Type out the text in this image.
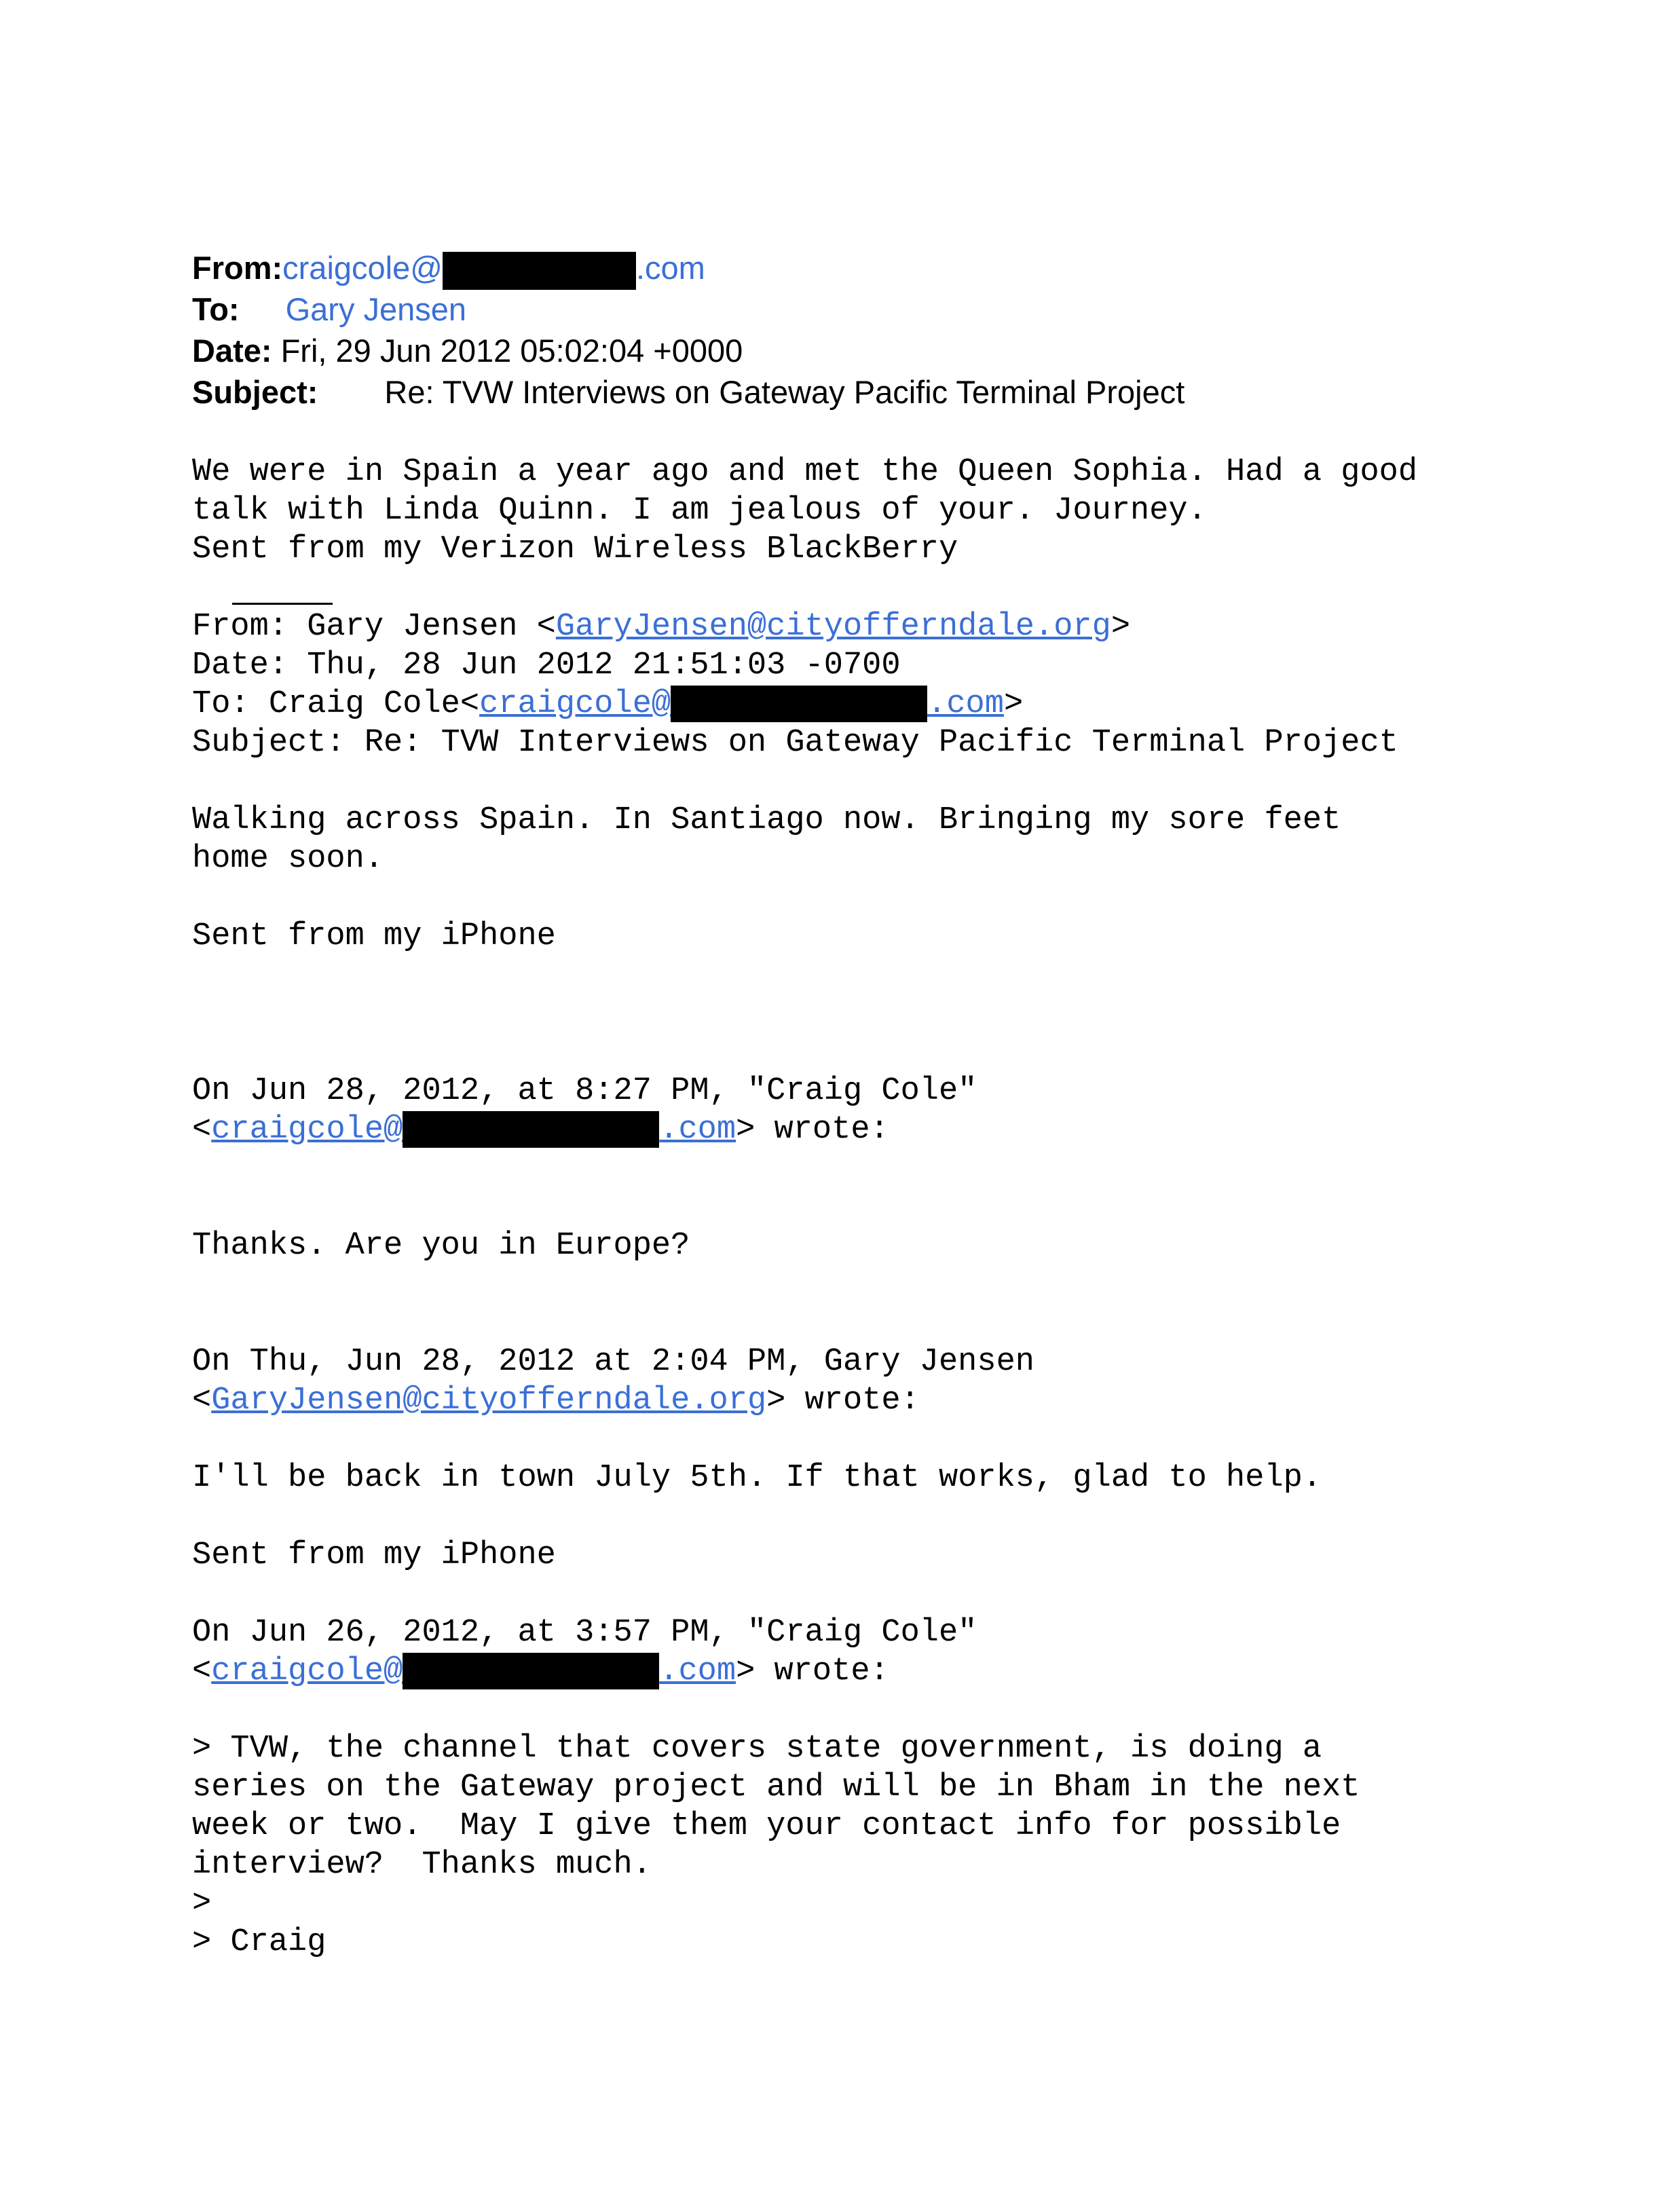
From:craigcole@	.com
To: Gary Jensen
Date: Fri, 29 Jun 2012 05:02:04 +0000
Subject: Re: TVW Interviews on Gateway Pacific Terminal Project
We were in Spain a year ago and met the Queen Sophia. Had a good
talk with Linda Quinn. I am jealous of your. Journey.
Sent from my Verizon Wireless BlackBerry
From: Gary Jensen <GaryJensen@cityofferndale.org>
Date: Thu, 28 Jun 2012 21:51:03 -0700
To: Craig Cole<craigcole@	.com>
Subject: Re: TVW Interviews on Gateway Pacific Terminal Project
Walking across Spain. In Santiago now. Bringing my sore feet
home soon.
Sent from my iPhone
On Jun 28, 2012, at 8:27 PM, "Craig Cole"
<craigcole@	.com> wrote:
Thanks. Are you in Europe?
On Thu, Jun 28, 2012 at 2:04 PM, Gary Jensen
<GaryJensen@cityofferndale.org> wrote:
I'll be back in town July 5th. If that works, glad to help.
Sent from my iPhone
On Jun 26, 2012, at 3:57 PM, "Craig Cole"
<craigcole@	.com> wrote:
> TVW, the channel that covers state government, is doing a
series on the Gateway project and will be in Bham in the next
week or two.  May I give them your contact info for possible
interview?  Thanks much.
>
> Craig
